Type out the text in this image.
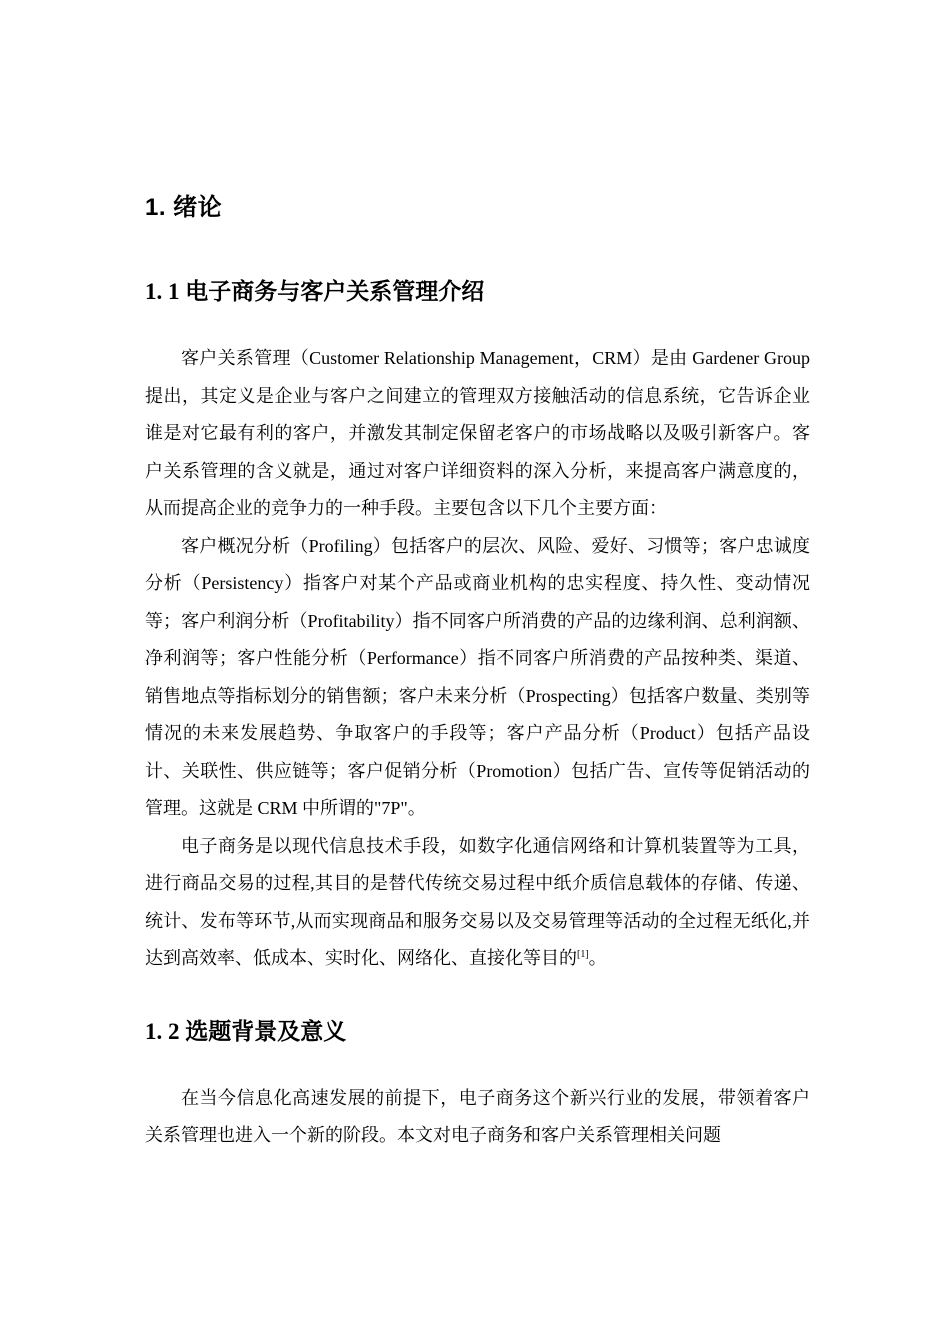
1. 绪论
1. 1 电子商务与客户关系管理介绍

客户关系管理（Customer Relationship Management，CRM）是由 Gardener Group 提出，其定义是企业与客户之间建立的管理双方接触活动的信息系统，它告诉企业谁是对它最有利的客户，并激发其制定保留老客户的市场战略以及吸引新客户。客户关系管理的含义就是，通过对客户详细资料的深入分析，来提高客户满意度的，从而提高企业的竞争力的一种手段。主要包含以下几个主要方面：

客户概况分析（Profiling）包括客户的层次、风险、爱好、习惯等；客户忠诚度分析（Persistency）指客户对某个产品或商业机构的忠实程度、持久性、变动情况等；客户利润分析（Profitability）指不同客户所消费的产品的边缘利润、总利润额、净利润等；客户性能分析（Performance）指不同客户所消费的产品按种类、渠道、销售地点等指标划分的销售额；客户未来分析（Prospecting）包括客户数量、类别等情况的未来发展趋势、争取客户的手段等；客户产品分析（Product）包括产品设计、关联性、供应链等；客户促销分析（Promotion）包括广告、宣传等促销活动的管理。这就是 CRM 中所谓的"7P"。

电子商务是以现代信息技术手段，如数字化通信网络和计算机装置等为工具，进行商品交易的过程,其目的是替代传统交易过程中纸介质信息载体的存储、传递、统计、发布等环节,从而实现商品和服务交易以及交易管理等活动的全过程无纸化,并达到高效率、低成本、实时化、网络化、直接化等目的[1]。

1. 2 选题背景及意义

在当今信息化高速发展的前提下，电子商务这个新兴行业的发展，带领着客户关系管理也进入一个新的阶段。本文对电子商务和客户关系管理相关问题
